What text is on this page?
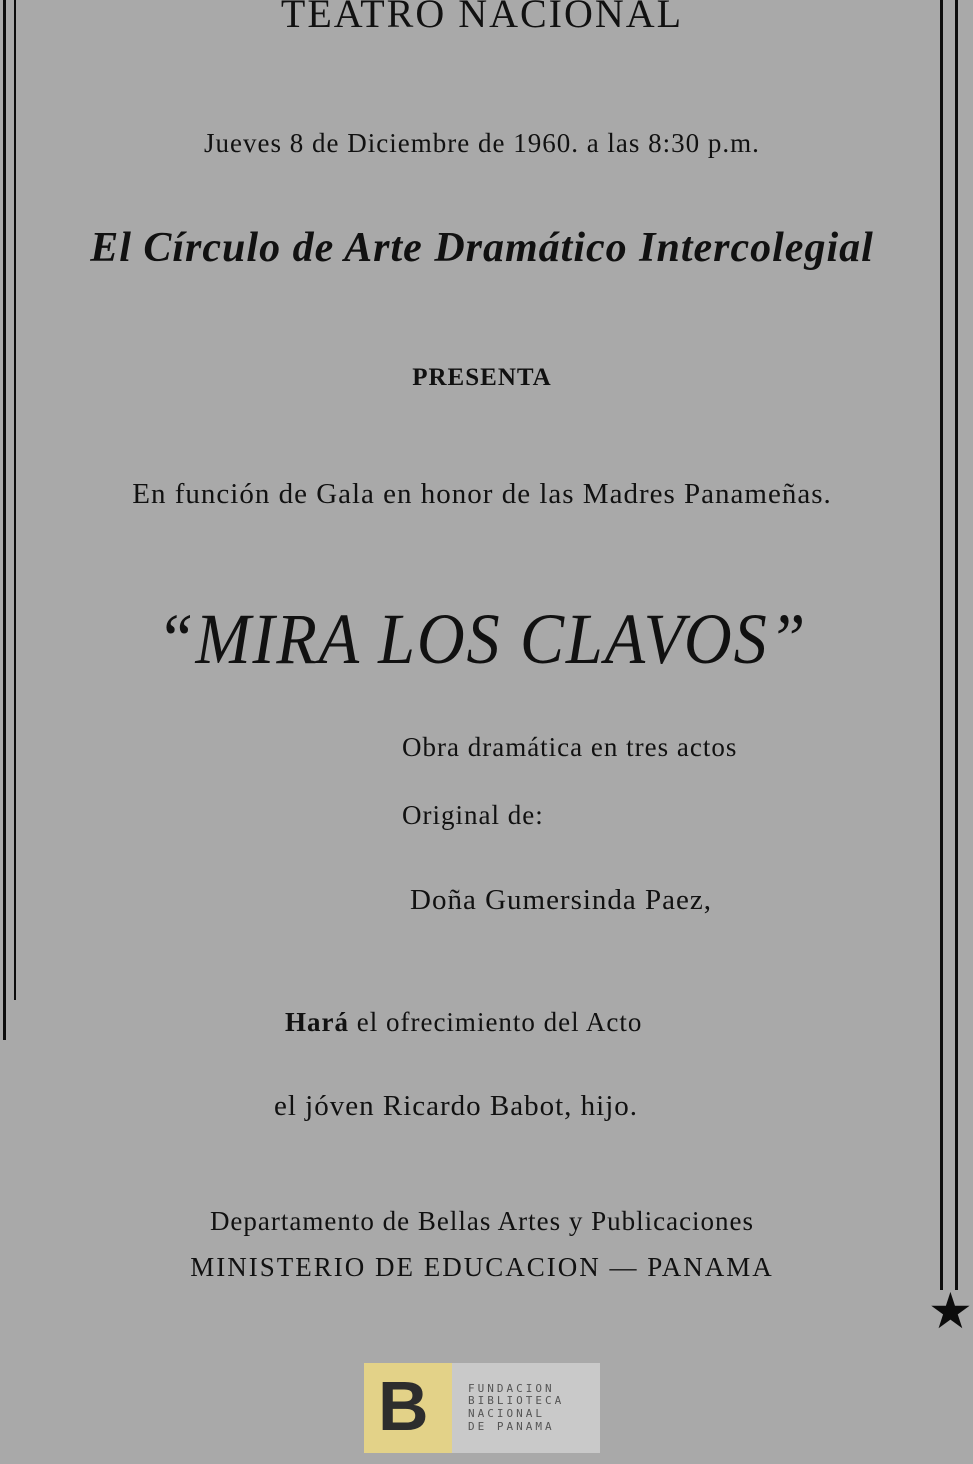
★
TEATRO NACIONAL
Jueves 8 de Diciembre de 1960. a las 8:30 p.m.
El Círculo de Arte Dramático Intercolegial
PRESENTA
En función de Gala en honor de las Madres Panameñas.
“MIRA LOS CLAVOS”
Obra dramática en tres actos
Original de:
Doña Gumersinda Paez,
Hará el ofrecimiento del Acto
el jóven Ricardo Babot, hijo.
Departamento de Bellas Artes y Publicaciones
MINISTERIO DE EDUCACION — PANAMA
B	FUNDACION
BIBLIOTECA
NACIONAL
DE PANAMA
